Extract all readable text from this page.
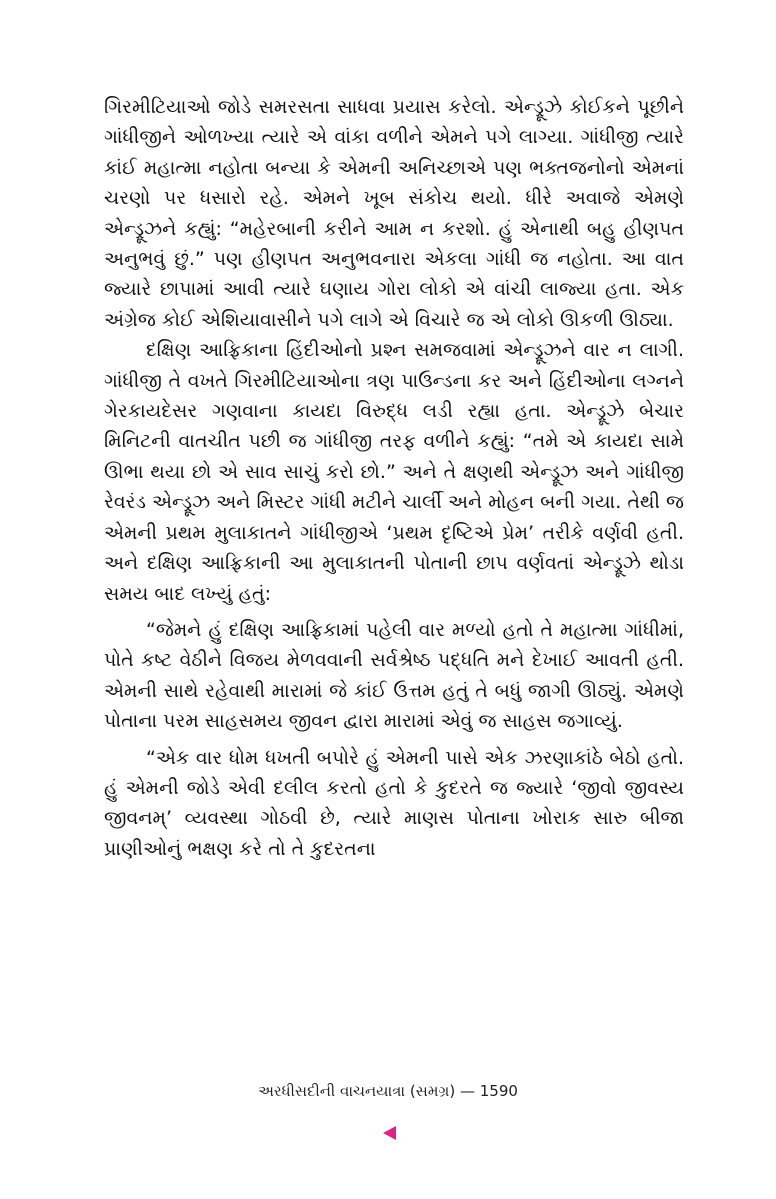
ગિરમીટિયાઓ જોડે સમરસતા સાધવા પ્રયાસ કરેલો. એન્ડ્રૂઝે કોઈકને પૂછીને ગાંધીજીને ઓળખ્યા ત્યારે એ વાંકા વળીને એમને પગે લાગ્યા. ગાંધીજી ત્યારે કાંઈ મહાત્મા નહોતા બન્યા કે એમની અનિચ્છાએ પણ ભક્તજનોનો એમનાં ચરણો પર ધસારો રહે. એમને ખૂબ સંકોચ થયો. ધીરે અવાજે એમણે એન્ડ્રૂઝને કહ્યું: “મહેરબાની કરીને આમ ન કરશો. હું એનાથી બહુ હીણપત અનુભવું છું.” પણ હીણપત અનુભવનારા એકલા ગાંધી જ નહોતા. આ વાત જ્યારે છાપામાં આવી ત્યારે ઘણાય ગોરા લોકો એ વાંચી લાજ્યા હતા. એક અંગ્રેજ કોઈ એશિયાવાસીને પગે લાગે એ વિચારે જ એ લોકો ઊકળી ઊઠ્યા.

દક્ષિણ આફ્રિકાના હિંદીઓનો પ્રશ્ન સમજવામાં એન્ડ્રૂઝને વાર ન લાગી. ગાંધીજી તે વખતે ગિરમીટિયાઓના ત્રણ પાઉન્ડના કર અને હિંદીઓના લગ્નને ગેરકાયદેસર ગણવાના કાયદા વિરુદ્ધ લડી રહ્યા હતા. એન્ડ્રૂઝે બેચાર મિનિટની વાતચીત પછી જ ગાંધીજી તરફ વળીને કહ્યું: “તમે એ કાયદા સામે ઊભા થયા છો એ સાવ સાચું કરો છો.” અને તે ક્ષણથી એન્ડ્રૂઝ અને ગાંધીજી રેવરંડ એન્ડ્રૂઝ અને મિસ્ટર ગાંધી મટીને ચાર્લી અને મોહન બની ગયા. તેથી જ એમની પ્રથમ મુલાકાતને ગાંધીજીએ ‘પ્રથમ દૃષ્ટિએ પ્રેમ’ તરીકે વર્ણવી હતી. અને દક્ષિણ આફ્રિકાની આ મુલાકાતની પોતાની છાપ વર્ણવતાં એન્ડ્રૂઝે થોડા સમય બાદ લખ્યું હતું:

“જેમને હું દક્ષિણ આફ્રિકામાં પહેલી વાર મળ્યો હતો તે મહાત્મા ગાંધીમાં, પોતે કષ્ટ વેઠીને વિજય મેળવવાની સર્વશ્રેષ્ઠ પદ્ધતિ મને દેખાઈ આવતી હતી. એમની સાથે રહેવાથી મારામાં જે કાંઈ ઉત્તમ હતું તે બધું જાગી ઊઠ્યું. એમણે પોતાના પરમ સાહસમય જીવન દ્વારા મારામાં એવું જ સાહસ જગાવ્યું.

“એક વાર ધોમ ધખતી બપોરે હું એમની પાસે એક ઝરણાકાંઠે બેઠો હતો. હું એમની જોડે એવી દલીલ કરતો હતો કે કુદરતે જ જ્યારે ‘જીવો જીવસ્ય જીવનમ્’ વ્યવસ્થા ગોઠવી છે, ત્યારે માણસ પોતાના ખોરાક સારુ બીજા પ્રાણીઓનું ભક્ષણ કરે તો તે કુદરતના

અરધીસદીની વાચનયાત્રા (સમગ્ર) — 1590
